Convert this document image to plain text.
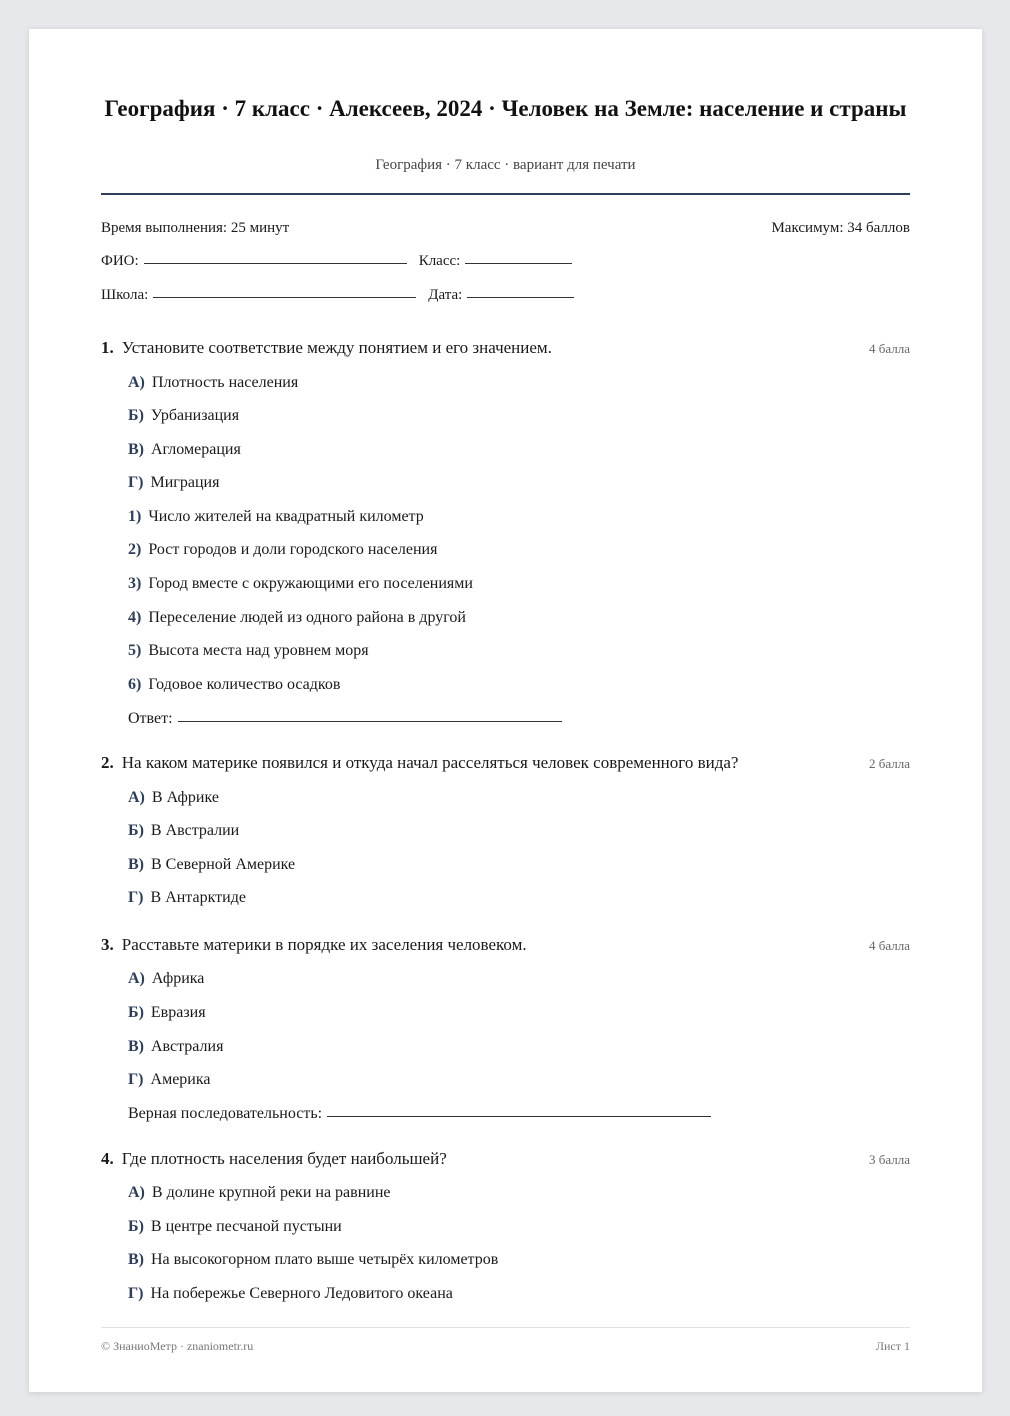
География · 7 класс · Алексеев, 2024 · Человек на Земле: население и страны
География · 7 класс · вариант для печати
Время выполнения: 25 минут	Максимум: 34 баллов
ФИО:	Класс:
Школа:	Дата:
1. Установите соответствие между понятием и его значением.	4 балла
А) Плотность населения
Б) Урбанизация
В) Агломерация
Г) Миграция
1) Число жителей на квадратный километр
2) Рост городов и доли городского населения
3) Город вместе с окружающими его поселениями
4) Переселение людей из одного района в другой
5) Высота места над уровнем моря
6) Годовое количество осадков
Ответ:
2. На каком материке появился и откуда начал расселяться человек современного вида?	2 балла
А) В Африке
Б) В Австралии
В) В Северной Америке
Г) В Антарктиде
3. Расставьте материки в порядке их заселения человеком.	4 балла
А) Африка
Б) Евразия
В) Австралия
Г) Америка
Верная последовательность:
4. Где плотность населения будет наибольшей?	3 балла
А) В долине крупной реки на равнине
Б) В центре песчаной пустыни
В) На высокогорном плато выше четырёх километров
Г) На побережье Северного Ледовитого океана
© ЗнаниоМетр · znaniometr.ru	Лист 1
